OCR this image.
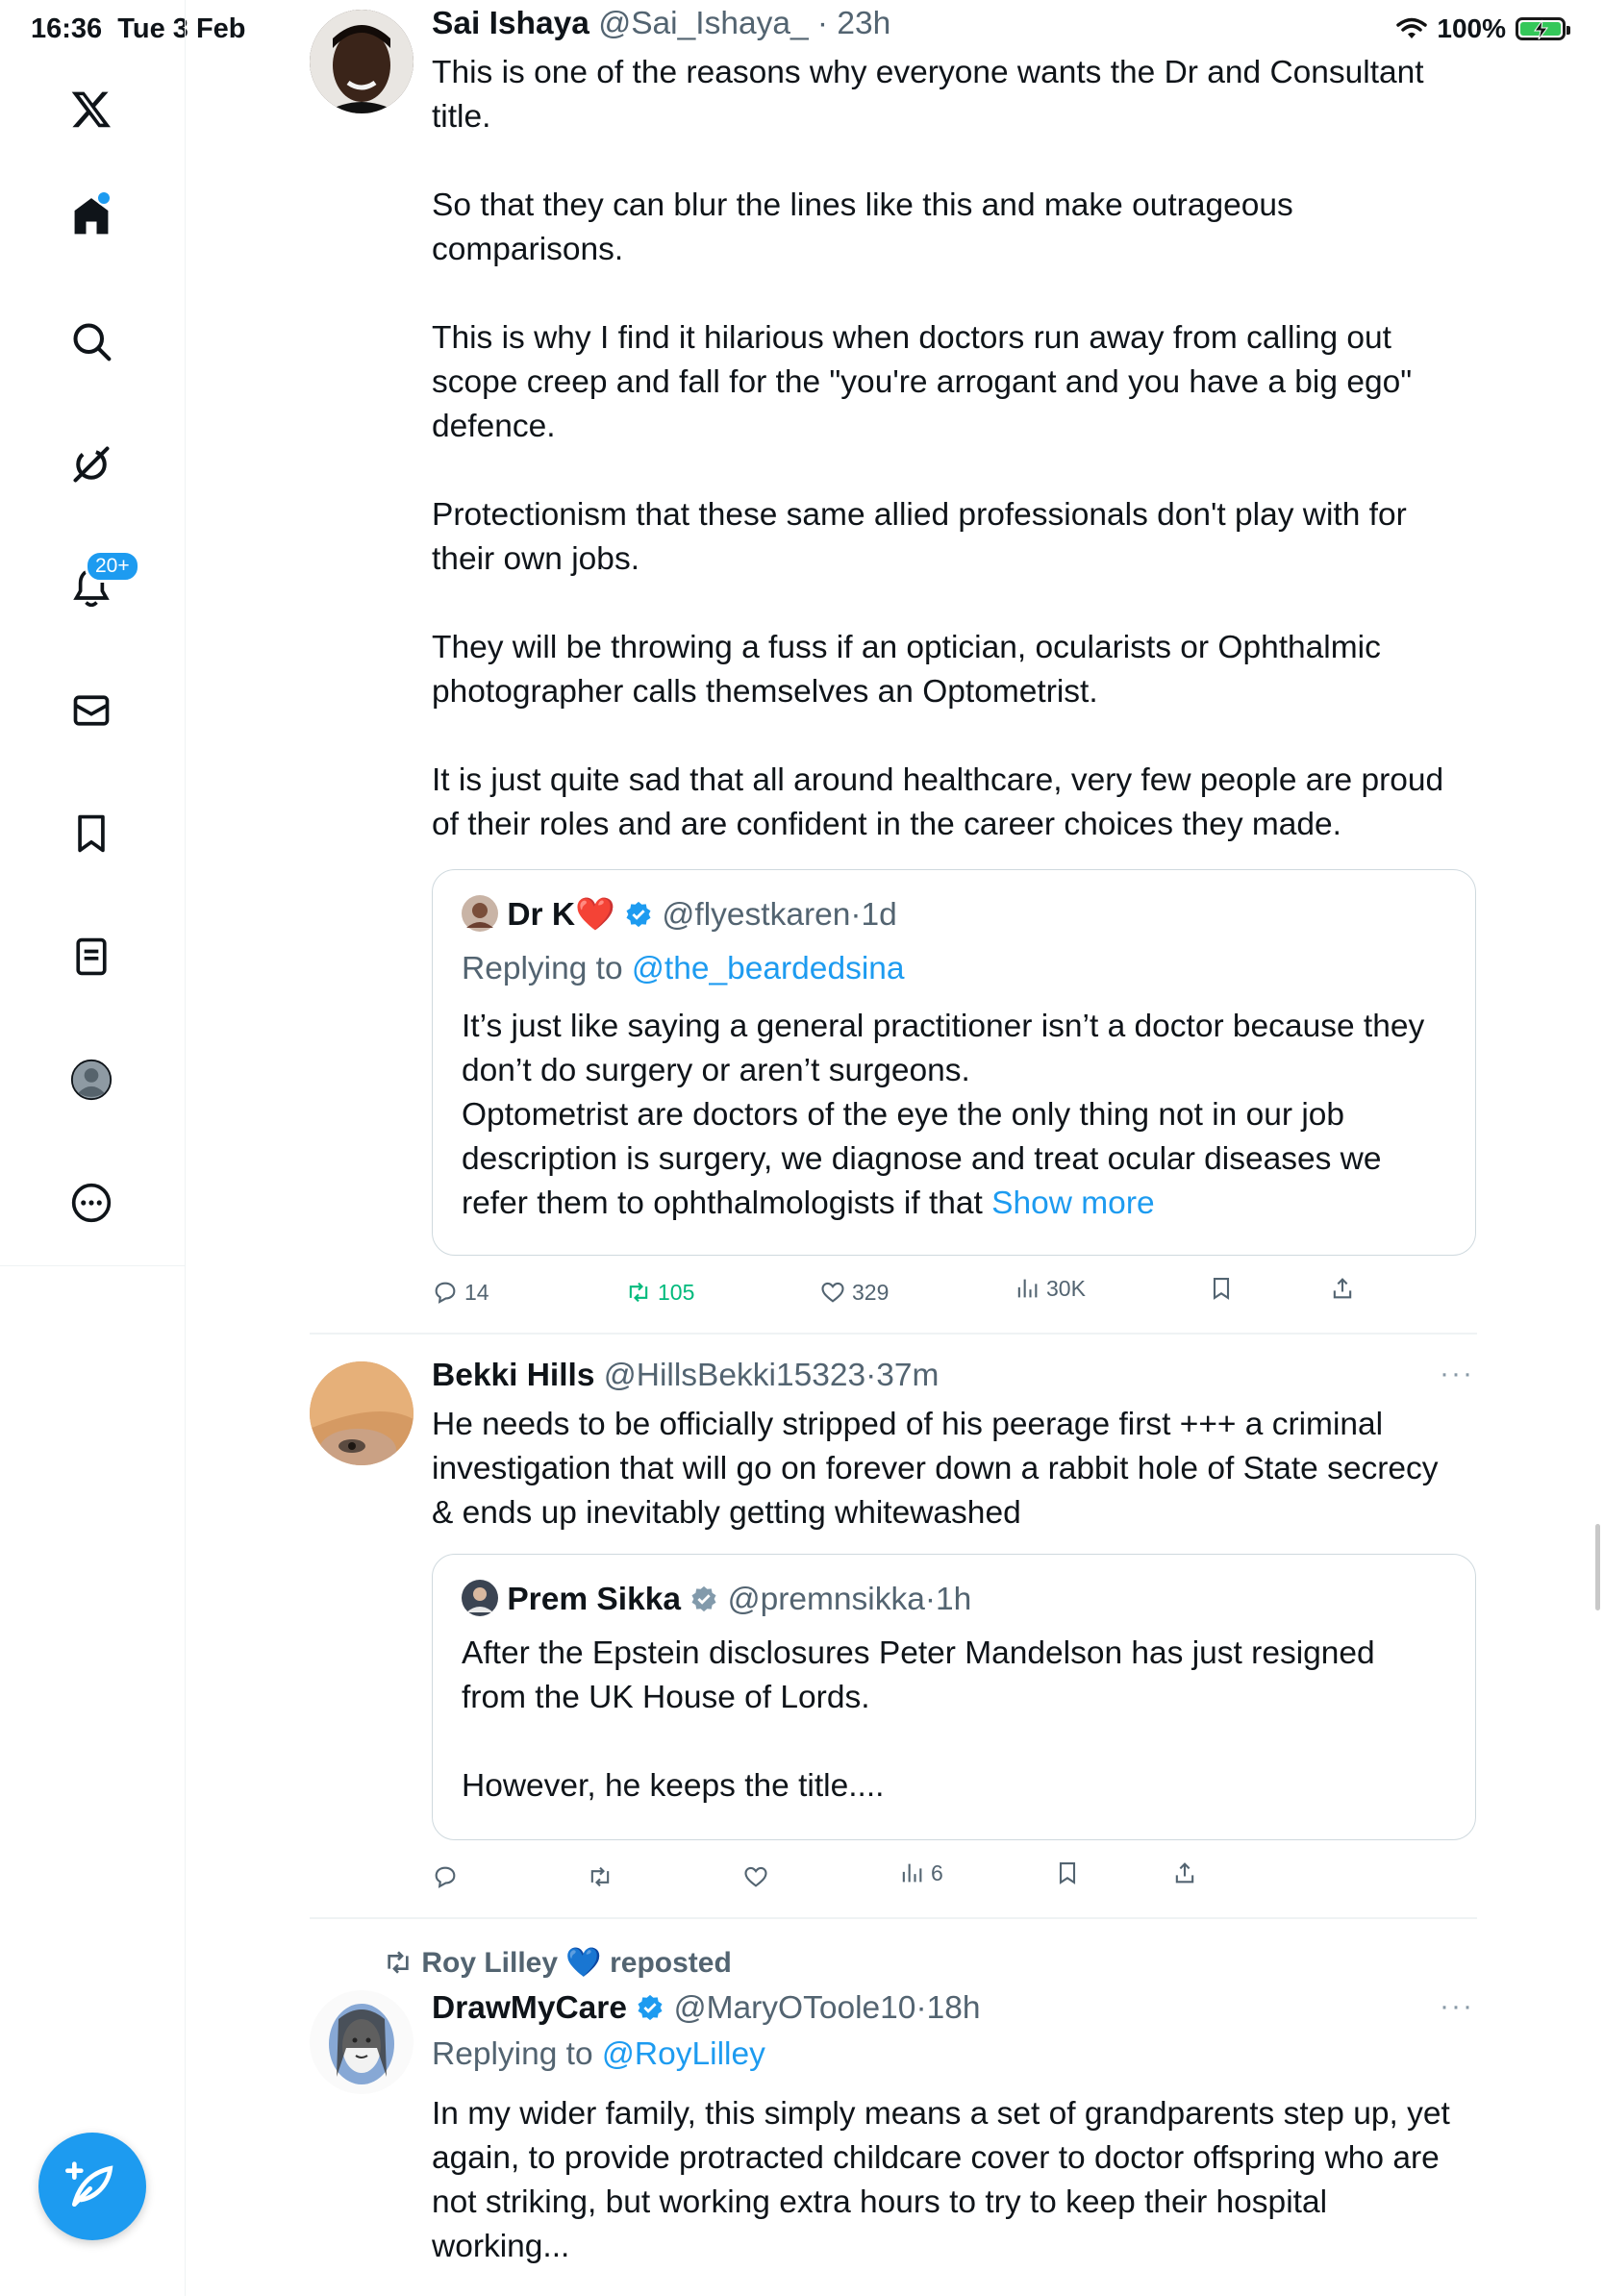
16:36 Tue 3 Feb	100%
20+
Sai Ishaya @Sai_Ishaya_ · 23h
This is one of the reasons why everyone wants the Dr and Consultant
title.

So that they can blur the lines like this and make outrageous
comparisons.

This is why I find it hilarious when doctors run away from calling out
scope creep and fall for the "you're arrogant and you have a big ego"
defence.

Protectionism that these same allied professionals don't play with for
their own jobs.

They will be throwing a fuss if an optician, ocularists or Ophthalmic
photographer calls themselves an Optometrist.

It is just quite sad that all around healthcare, very few people are proud
of their roles and are confident in the career choices they made.
Dr K❤️ @flyestkaren·1d
Replying to @the_beardedsina
It’s just like saying a general practitioner isn’t a doctor because they
don’t do surgery or aren’t surgeons.
Optometrist are doctors of the eye the only thing not in our job
description is surgery, we diagnose and treat ocular diseases we
refer them to ophthalmologists if that Show more
14	105	329	30K
Bekki Hills @HillsBekki15323·37m	···
He needs to be officially stripped of his peerage first +++ a criminal
investigation that will go on forever down a rabbit hole of State secrecy
& ends up inevitably getting whitewashed
Prem Sikka @premnsikka·1h
After the Epstein disclosures Peter Mandelson has just resigned
from the UK House of Lords.

However, he keeps the title....
6
Roy Lilley 💙 reposted
DrawMyCare @MaryOToole10·18h	···
Replying to @RoyLilley
In my wider family, this simply means a set of grandparents step up, yet
again, to provide protracted childcare cover to doctor offspring who are
not striking, but working extra hours to try to keep their hospital
working...
